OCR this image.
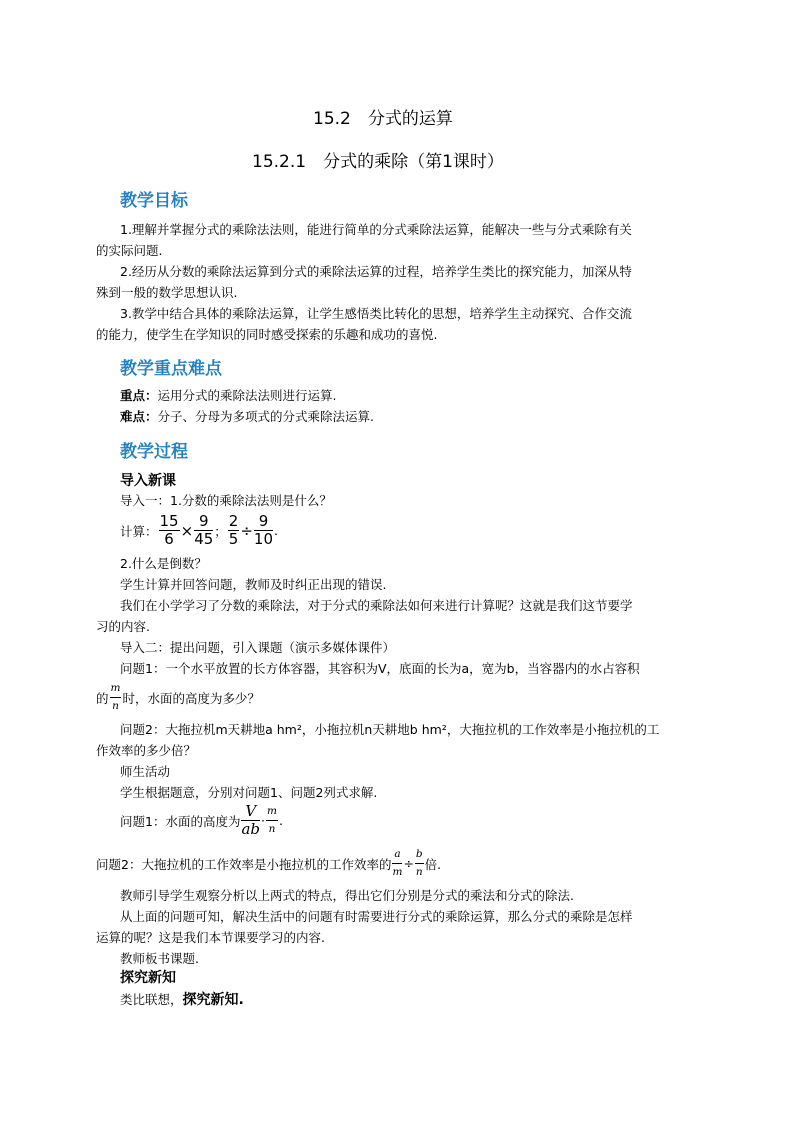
15.2　分式的运算
15.2.1　分式的乘除（第1课时）
教学目标
1.理解并掌握分式的乘除法法则，能进行简单的分式乘除法运算，能解决一些与分式乘除有关
的实际问题.
2.经历从分数的乘除法运算到分式的乘除法运算的过程，培养学生类比的探究能力，加深从特
殊到一般的数学思想认识.
3.教学中结合具体的乘除法运算，让学生感悟类比转化的思想，培养学生主动探究、合作交流
的能力，使学生在学知识的同时感受探索的乐趣和成功的喜悦.
教学重点难点
重点：运用分式的乘除法法则进行运算.
难点：分子、分母为多项式的分式乘除法运算.
教学过程
导入新课
导入一：1.分数的乘除法法则是什么？
计算： $\frac{15}{6} \times \frac{9}{45}$ ； $\frac{2}{5} \div \frac{9}{10}$ .
2.什么是倒数？
学生计算并回答问题，教师及时纠正出现的错误.
我们在小学学习了分数的乘除法，对于分式的乘除法如何来进行计算呢？这就是我们这节要学
习的内容.
导入二：提出问题，引入课题（演示多媒体课件）
问题1：一个水平放置的长方体容器，其容积为V，底面的长为a，宽为b，当容器内的水占容积
的 $\frac{m}{n}$ 时，水面的高度为多少？
问题2：大拖拉机m天耕地a hm²，小拖拉机n天耕地b hm²，大拖拉机的工作效率是小拖拉机的工
作效率的多少倍？
师生活动
学生根据题意，分别对问题1、问题2列式求解.
问题1：水面的高度为 $\frac{V}{ab} \cdot \frac{m}{n}$ .
问题2：大拖拉机的工作效率是小拖拉机的工作效率的 $\frac{a}{m} \div \frac{b}{n}$ 倍.
教师引导学生观察分析以上两式的特点，得出它们分别是分式的乘法和分式的除法.
从上面的问题可知，解决生活中的问题有时需要进行分式的乘除运算，那么分式的乘除是怎样
运算的呢？这是我们本节课要学习的内容.
教师板书课题.
探究新知
类比联想，探究新知.
